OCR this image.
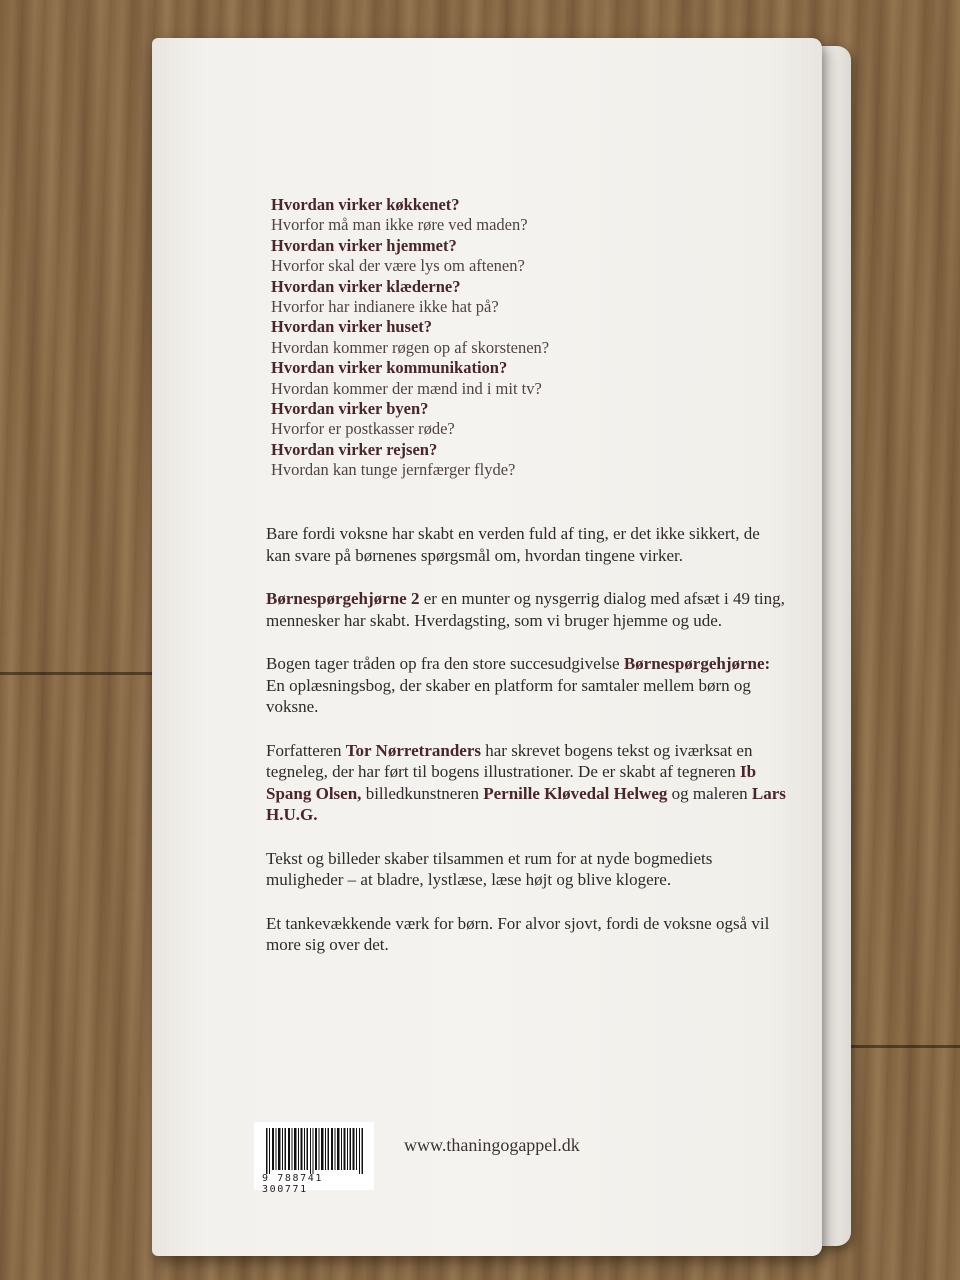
Hvordan virker køkkenet?
Hvorfor må man ikke røre ved maden?
Hvordan virker hjemmet?
Hvorfor skal der være lys om aftenen?
Hvordan virker klæderne?
Hvorfor har indianere ikke hat på?
Hvordan virker huset?
Hvordan kommer røgen op af skorstenen?
Hvordan virker kommunikation?
Hvordan kommer der mænd ind i mit tv?
Hvordan virker byen?
Hvorfor er postkasser røde?
Hvordan virker rejsen?
Hvordan kan tunge jernfærger flyde?

Bare fordi voksne har skabt en verden fuld af ting, er det ikke sikkert, de kan svare på børnenes spørgsmål om, hvordan tingene virker.

Børnespørgehjørne 2 er en munter og nysgerrig dialog med afsæt i 49 ting, mennesker har skabt. Hverdagsting, som vi bruger hjemme og ude.

Bogen tager tråden op fra den store succesudgivelse Børnespørgehjørne: En oplæsningsbog, der skaber en platform for samtaler mellem børn og voksne.

Forfatteren Tor Nørretranders har skrevet bogens tekst og iværksat en tegneleg, der har ført til bogens illustrationer. De er skabt af tegneren Ib Spang Olsen, billedkunstneren Pernille Kløvedal Helweg og maleren Lars H.U.G.

Tekst og billeder skaber tilsammen et rum for at nyde bogmediets muligheder – at bladre, lystlæse, læse højt og blive klogere.

Et tankevækkende værk for børn. For alvor sjovt, fordi de voksne også vil more sig over det.

9 788741 300771
www.thaningogappel.dk
